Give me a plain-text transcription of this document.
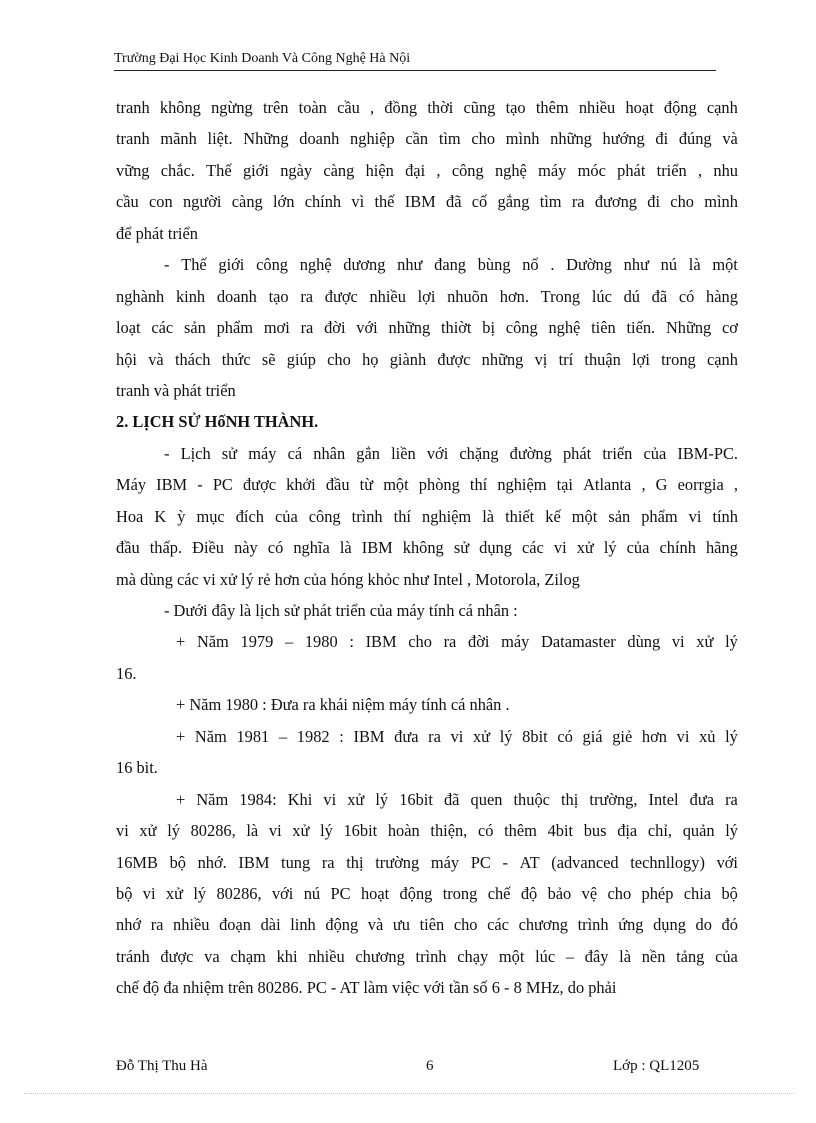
Trường Đại Học Kinh Doanh Và Công Nghệ Hà Nội
tranh không ngừng trên toàn cầu , đồng thời cũng tạo thêm nhiều hoạt động cạnh
tranh mãnh liệt. Những doanh nghiệp cần tìm cho mình những hướng đi đúng và
vững chắc. Thế giới ngày càng hiện đại , công nghệ máy móc phát triển , nhu
cầu con người càng lớn chính vì thế IBM đã cố gắng tìm ra đương đi cho mình
để phát triển
- Thế giới công nghệ dương như đang bùng nổ . Dường như nú là một
nghành kinh doanh tạo ra được nhiều lợi nhuõn hơn. Trong lúc dú đã có hàng
loạt các sản phẩm mơi ra đời với những thiờt bị công nghệ tiên tiến. Những cơ
hội và thách thức sẽ giúp cho họ giành được những vị trí thuận lợi trong cạnh
tranh và phát triển
2. LỊCH SỬ HốNH THÀNH.
- Lịch sử máy cá nhân gắn liền với chặng đường phát triển của IBM-PC.
Máy IBM - PC được khởi đầu từ một phòng thí nghiệm tại Atlanta , G eorrgia ,
Hoa K ỳ mục đích của công trình thí nghiệm là thiết kế một sản phẩm vi tính
đầu thấp. Điều này có nghĩa là IBM không sử dụng các vi xử lý của chính hãng
mà dùng các vi xử lý rẻ hơn của hóng khỏc như Intel , Motorola, Zilog
- Dưới đây là lịch sử phát triển của máy tính cá nhân :
+ Năm 1979 – 1980 : IBM cho ra đời máy Datamaster dùng vi xử lý
16.
+ Năm 1980 : Đưa ra khái niệm máy tính cá nhân .
+ Năm 1981 – 1982 : IBM đưa ra vi xử lý 8bit có giá giẻ hơn vi xủ lý
16 bit.
+ Năm 1984: Khi vi xử lý 16bit đã quen thuộc thị trường, Intel đưa ra
vi xử lý 80286, là vi xử lý 16bit hoàn thiện, có thêm 4bit bus địa chỉ, quản lý
16MB bộ nhớ. IBM tung ra thị trường máy PC - AT (advanced technllogy) với
bộ vi xử lý 80286, với nú PC hoạt động trong chế độ bảo vệ cho phép chia bộ
nhớ ra nhiều đoạn dài linh động và ưu tiên cho các chương trình ứng dụng do đó
tránh được va chạm khi nhiều chương trình chạy một lúc – đây là nền tảng của
chế độ đa nhiệm trên 80286. PC - AT làm việc với tần số 6 - 8 MHz, do phải
Đỗ Thị Thu Hà	6	Lớp : QL1205
